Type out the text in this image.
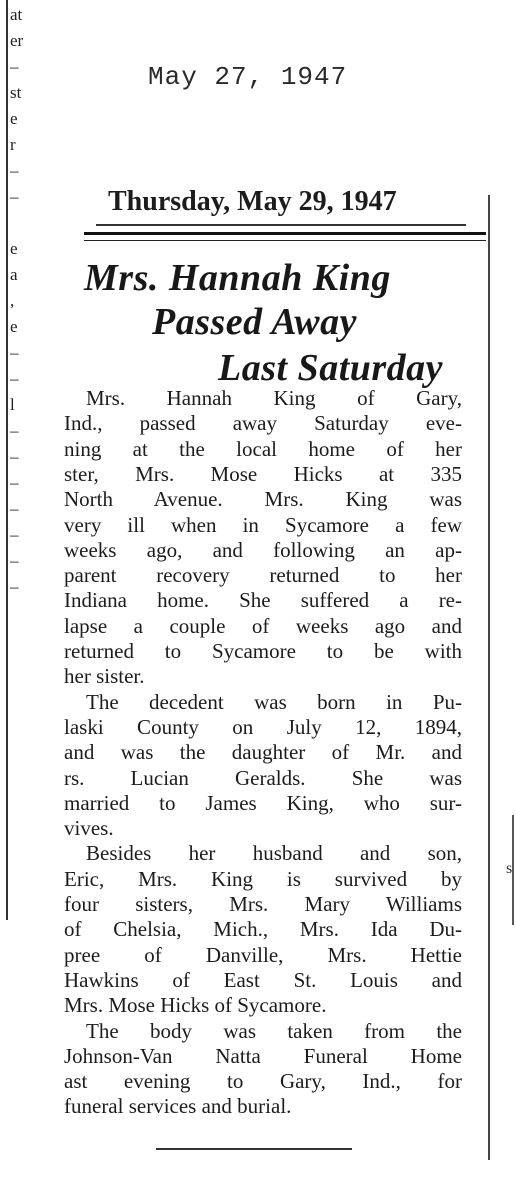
at
er
–
st
e
r
–
–
e
a
,
e
–
–
l
–
–
–
–
–
–
–
s
May 27, 1947
Thursday, May 29, 1947
Mrs. Hannah King
Passed Away
Last Saturday
Mrs. Hannah King of Gary,
Ind., passed away Saturday eve-
ning at the local home of her
ster, Mrs. Mose Hicks at 335
North Avenue. Mrs. King was
very ill when in Sycamore a few
weeks ago, and following an ap-
parent recovery returned to her
Indiana home. She suffered a re-
lapse a couple of weeks ago and
returned to Sycamore to be with
her sister.
The decedent was born in Pu-
laski County on July 12, 1894,
and was the daughter of Mr. and
rs. Lucian Geralds. She was
married to James King, who sur-
vives.
Besides her husband and son,
Eric, Mrs. King is survived by
four sisters, Mrs. Mary Williams
of Chelsia, Mich., Mrs. Ida Du-
pree of Danville, Mrs. Hettie
Hawkins of East St. Louis and
Mrs. Mose Hicks of Sycamore.
The body was taken from the
Johnson-Van Natta Funeral Home
ast evening to Gary, Ind., for
funeral services and burial.
